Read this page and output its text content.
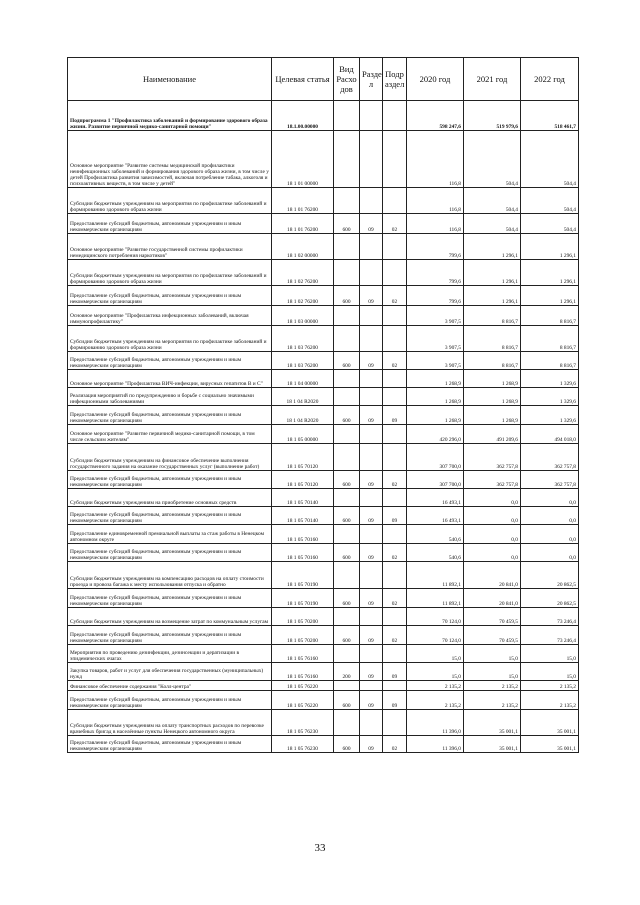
Наименование	Целевая статья	Вид Расхо дов	Разде л	Подр аздел	2020 год	2021 год	2022 год
Подпрограмма 1 "Профилактика заболеваний и формирование здорового образа жизни. Развитие первичной медико-санитарной помощи"	18.1.00.00000				598 247,6	519 979,6	518 461,7
Основное мероприятие "Развитие системы медицинской профилактики неинфекционных заболеваний и формирования здорового образа жизни, в том числе у детей Профилактика развития зависимостей, включая потребление табака, алкоголя и психоактивных веществ, в том числе у детей"	18 1 01 00000				116,8	504,4	504,4
Субсидии бюджетным учреждениям на мероприятия по профилактике заболеваний и формированию здорового образа жизни	18 1 01 76200				116,8	504,4	504,4
Предоставление субсидий бюджетным, автономным учреждениям и иным некоммерческим организациям	18 1 01 76200	600	09	02	116,8	504,4	504,4
Основное мероприятие "Развитие государственной системы профилактики немедицинского потребления наркотиков"	18 1 02 00000				799,6	1 296,1	1 296,1
Субсидии бюджетным учреждениям на мероприятия по профилактике заболеваний и формированию здорового образа жизни	18 1 02 76200				799,6	1 296,1	1 296,1
Предоставление субсидий бюджетным, автономным учреждениям и иным некоммерческим организациям	18 1 02 76200	600	09	02	799,6	1 296,1	1 296,1
Основное мероприятие "Профилактика инфекционных заболеваний, включая иммунопрофилактику"	18 1 03 00000				3 907,5	8 816,7	8 816,7
Субсидии бюджетным учреждениям на мероприятия по профилактике заболеваний и формированию здорового образа жизни	18 1 03 76200				3 907,5	8 816,7	8 816,7
Предоставление субсидий бюджетным, автономным учреждениям и иным некоммерческим организациям	18 1 03 76200	600	09	02	3 907,5	8 816,7	8 816,7
Основное мероприятие "Профилактика ВИЧ-инфекции, вирусных гепатитов В и С"	18 1 04 00000				1 268,9	1 268,9	1 329,6
Реализация мероприятий по предупреждению и борьбе с социально значимыми инфекционными заболеваниями	18 1 04 R2020				1 268,9	1 268,9	1 329,6
Предоставление субсидий бюджетным, автономным учреждениям и иным некоммерческим организациям	18 1 04 R2020	600	09	09	1 268,9	1 268,9	1 329,6
Основное мероприятие "Развитие первичной медико-санитарной помощи, в том числе сельским жителям"	18 1 05 00000				420 296,0	491 209,6	494 018,0
Субсидии бюджетным учреждениям на финансовое обеспечение выполнения государственного задания на оказание государственных услуг (выполнение работ)	18 1 05 70120				307 700,0	362 757,8	362 757,8
Предоставление субсидий бюджетным, автономным учреждениям и иным некоммерческим организациям	18 1 05 70120	600	09	02	307 700,0	362 757,8	362 757,8
Субсидии бюджетным учреждениям на приобретение основных средств	18 1 05 70140				16 493,1	0,0	0,0
Предоставление субсидий бюджетным, автономным учреждениям и иным некоммерческим организациям	18 1 05 70140	600	09	09	16 493,1	0,0	0,0
Предоставление единовременной премиальной выплаты за стаж работы в Ненецком автономном округе	18 1 05 70160				540,6	0,0	0,0
Предоставление субсидий бюджетным, автономным учреждениям и иным некоммерческим организациям	18 1 05 70160	600	09	02	540,6	0,0	0,0
Субсидии бюджетным учреждениям на компенсацию расходов на оплату стоимости проезда и провоза багажа к месту использования отпуска и обратно	18 1 05 70190				11 892,1	20 841,0	20 862,5
Предоставление субсидий бюджетным, автономным учреждениям и иным некоммерческим организациям	18 1 05 70190	600	09	02	11 892,1	20 841,0	20 862,5
Субсидии бюджетным учреждениям на возмещение затрат по коммунальным услугам	18 1 05 70200				70 124,0	70 459,5	73 246,4
Предоставление субсидий бюджетным, автономным учреждениям и иным некоммерческим организациям	18 1 05 70200	600	09	02	70 124,0	70 459,5	73 246,4
Мероприятия по проведению дезинфекции, дезинсекции и дератизации в эпидемических очагах	18 1 05 76160				15,0	15,0	15,0
Закупка товаров, работ и услуг для обеспечения государственных (муниципальных) нужд	18 1 05 76160	200	09	09	15,0	15,0	15,0
Финансовое обеспечение содержания "Колл-центра"	18 1 05 76220				2 135,2	2 135,2	2 135,2
Предоставление субсидий бюджетным, автономным учреждениям и иным некоммерческим организациям	18 1 05 76220	600	09	09	2 135,2	2 135,2	2 135,2
Субсидии бюджетным учреждениям на оплату транспортных расходов по перевозке врачебных бригад в населённые пункты Ненецкого автономного округа	18 1 05 76230				11 396,0	35 001,1	35 001,1
Предоставление субсидий бюджетным, автономным учреждениям и иным некоммерческим организациям	18 1 05 76230	600	09	02	11 396,0	35 001,1	35 001,1
33
